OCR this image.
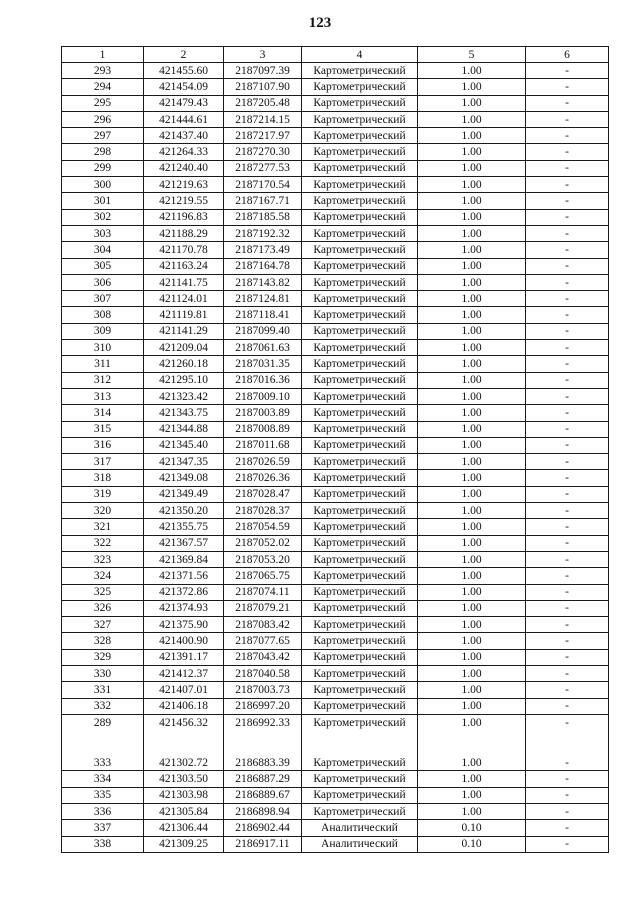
123
1	2	3	4	5	6
293	421455.60	2187097.39	Картометрический	1.00	-
294	421454.09	2187107.90	Картометрический	1.00	-
295	421479.43	2187205.48	Картометрический	1.00	-
296	421444.61	2187214.15	Картометрический	1.00	-
297	421437.40	2187217.97	Картометрический	1.00	-
298	421264.33	2187270.30	Картометрический	1.00	-
299	421240.40	2187277.53	Картометрический	1.00	-
300	421219.63	2187170.54	Картометрический	1.00	-
301	421219.55	2187167.71	Картометрический	1.00	-
302	421196.83	2187185.58	Картометрический	1.00	-
303	421188.29	2187192.32	Картометрический	1.00	-
304	421170.78	2187173.49	Картометрический	1.00	-
305	421163.24	2187164.78	Картометрический	1.00	-
306	421141.75	2187143.82	Картометрический	1.00	-
307	421124.01	2187124.81	Картометрический	1.00	-
308	421119.81	2187118.41	Картометрический	1.00	-
309	421141.29	2187099.40	Картометрический	1.00	-
310	421209.04	2187061.63	Картометрический	1.00	-
311	421260.18	2187031.35	Картометрический	1.00	-
312	421295.10	2187016.36	Картометрический	1.00	-
313	421323.42	2187009.10	Картометрический	1.00	-
314	421343.75	2187003.89	Картометрический	1.00	-
315	421344.88	2187008.89	Картометрический	1.00	-
316	421345.40	2187011.68	Картометрический	1.00	-
317	421347.35	2187026.59	Картометрический	1.00	-
318	421349.08	2187026.36	Картометрический	1.00	-
319	421349.49	2187028.47	Картометрический	1.00	-
320	421350.20	2187028.37	Картометрический	1.00	-
321	421355.75	2187054.59	Картометрический	1.00	-
322	421367.57	2187052.02	Картометрический	1.00	-
323	421369.84	2187053.20	Картометрический	1.00	-
324	421371.56	2187065.75	Картометрический	1.00	-
325	421372.86	2187074.11	Картометрический	1.00	-
326	421374.93	2187079.21	Картометрический	1.00	-
327	421375.90	2187083.42	Картометрический	1.00	-
328	421400.90	2187077.65	Картометрический	1.00	-
329	421391.17	2187043.42	Картометрический	1.00	-
330	421412.37	2187040.58	Картометрический	1.00	-
331	421407.01	2187003.73	Картометрический	1.00	-
332	421406.18	2186997.20	Картометрический	1.00	-
289	421456.32	2186992.33	Картометрический	1.00	-

333	421302.72	2186883.39	Картометрический	1.00	-
334	421303.50	2186887.29	Картометрический	1.00	-
335	421303.98	2186889.67	Картометрический	1.00	-
336	421305.84	2186898.94	Картометрический	1.00	-
337	421306.44	2186902.44	Аналитический	0.10	-
338	421309.25	2186917.11	Аналитический	0.10	-
